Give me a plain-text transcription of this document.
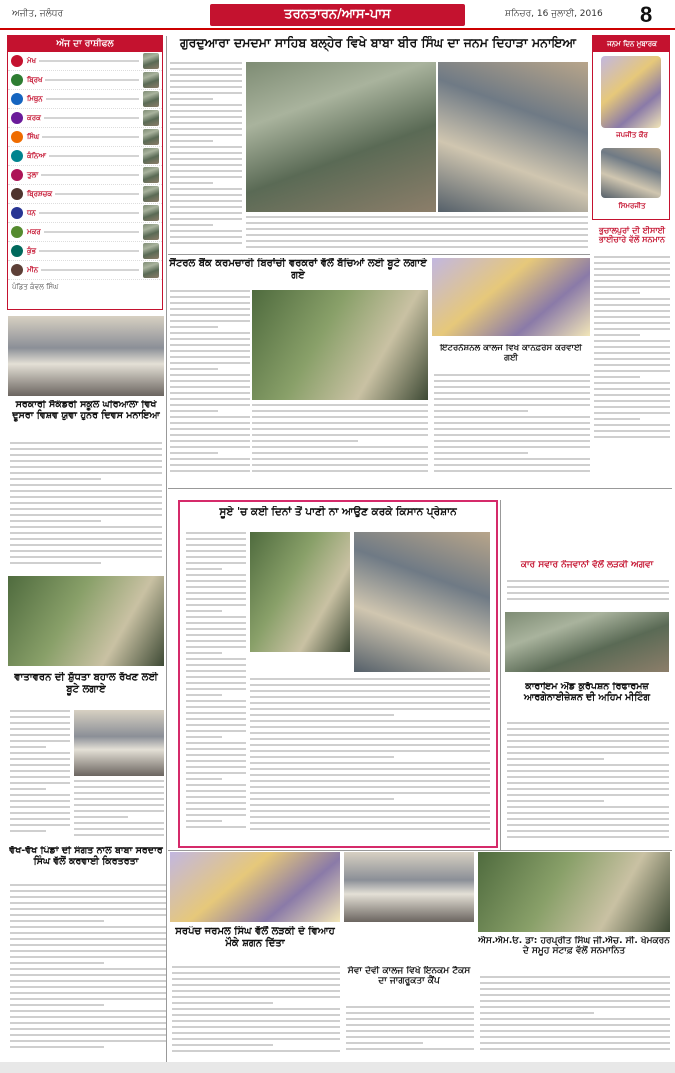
ਅਜੀਤ, ਜਲੰਧਰ	ਤਰਨਤਾਰਨ/ਆਸ-ਪਾਸ	ਸ਼ਨਿਚਰ, 16 ਜੁਲਾਈ, 2016 8
ਅੱਜ ਦਾ ਰਾਸ਼ੀਫਲ
ਮੇਖ
ਬ੍ਰਿਖ
ਮਿਥੁਨ
ਕਰਕ
ਸਿੰਘ
ਕੰਨਿਆ
ਤੁਲਾ
ਬ੍ਰਿਸ਼ਚਕ
ਧਨ
ਮਕਰ
ਕੁੰਭ
ਮੀਨ
ਪੰਡਿਤ ਕੰਵਲ ਸਿੰਘ
ਗੁਰਦੁਆਰਾ ਦਮਦਮਾ ਸਾਹਿਬ ਬਲ੍ਹੇਰ ਵਿਖੇ ਬਾਬਾ ਬੀਰ ਸਿੰਘ ਦਾ ਜਨਮ ਦਿਹਾੜਾ ਮਨਾਇਆ	ਜਨਮ ਦਿਨ ਮੁਬਾਰਕ
ਜਪਜੀਤ ਕੌਰ
ਸਿਮਰਜੀਤ
ਭੁਚਾਲਪੁਰਾਂ ਦੀ ਈਸਾਈ ਭਾਈਚਾਰੇ ਵੱਲੋਂ ਸਨਮਾਨ
ਸੈਂਟਰਲ ਬੈਂਕ ਕਰਮਚਾਰੀ ਬਿਰਾਂਚੀ ਵਰਕਰਾਂ ਵੱਲੋਂ ਬੱਚਿਆਂ ਲਈ ਬੂਟੇ ਲਗਾਏ ਗਏ
ਇੰਟਰਨੈਸ਼ਨਲ ਕਾਲਜ ਵਿਖੇ ਕਾਨਫ਼ਰੰਸ ਕਰਵਾਈ ਗਈ
ਸਰਕਾਰੀ ਸੈਕੰਡਰੀ ਸਕੂਲ ਘਰਿਆਲਾ ਵਿਖੇ ਦੂਸਰਾ ਵਿਸ਼ਵ ਯੁਵਾ ਹੁਨਰ ਦਿਵਸ ਮਨਾਇਆ
ਸੂਏ 'ਚ ਕਈ ਦਿਨਾਂ ਤੋਂ ਪਾਣੀ ਨਾ ਆਉਣ ਕਰਕੇ ਕਿਸਾਨ ਪ੍ਰੇਸ਼ਾਨ
ਕਾਰ ਸਵਾਰ ਨੌਜਵਾਨਾਂ ਵੱਲੋਂ ਲੜਕੀ ਅਗਵਾ
ਕਾਰਾਇਮ ਐਂਡ ਕੁਰੱਪਸ਼ਨ ਰਿਫਾਰਮਜ਼ ਆਰਗੇਨਾਈਜ਼ੇਸ਼ਨ ਦੀ ਅਹਿਮ ਮੀਟਿੰਗ
ਵਾਤਾਵਰਨ ਦੀ ਸ਼ੁੱਧਤਾ ਬਹਾਲ ਰੱਖਣ ਲਈ ਬੂਟੇ ਲਗਾਏ
ਵੱਖ-ਵੱਖ ਪਿੰਡਾਂ ਦੀ ਸੰਗਤ ਨਾਲ ਬਾਬਾ ਸਰਦਾਰ ਸਿੰਘ ਵੱਲੋਂ ਕਰਵਾਈ ਕਿਰਤਰਤਾ
ਸਰਪੰਚ ਜਰਮਲ ਸਿੰਘ ਵੱਲੋਂ ਲੜਕੀ ਦੇ ਵਿਆਹ ਮੌਕੇ ਸ਼ਗਨ ਦਿੱਤਾ
ਸੇਵਾ ਦੇਵੀ ਕਾਲਜ ਵਿਖੇ ਇਨਕਮ ਟੈਕਸ ਦਾ ਜਾਗਰੂਕਤਾ ਕੈਂਪ
ਐਸ.ਐਮ.ਓ. ਡਾ: ਹਰਪ੍ਰੀਤ ਸਿੰਘ ਜੀ.ਐਚ. ਸੀ. ਖੇਮਕਰਨ ਦੇ ਸਮੂਹ ਸਟਾਫ਼ ਵੱਲੋਂ ਸਨਮਾਨਿਤ
